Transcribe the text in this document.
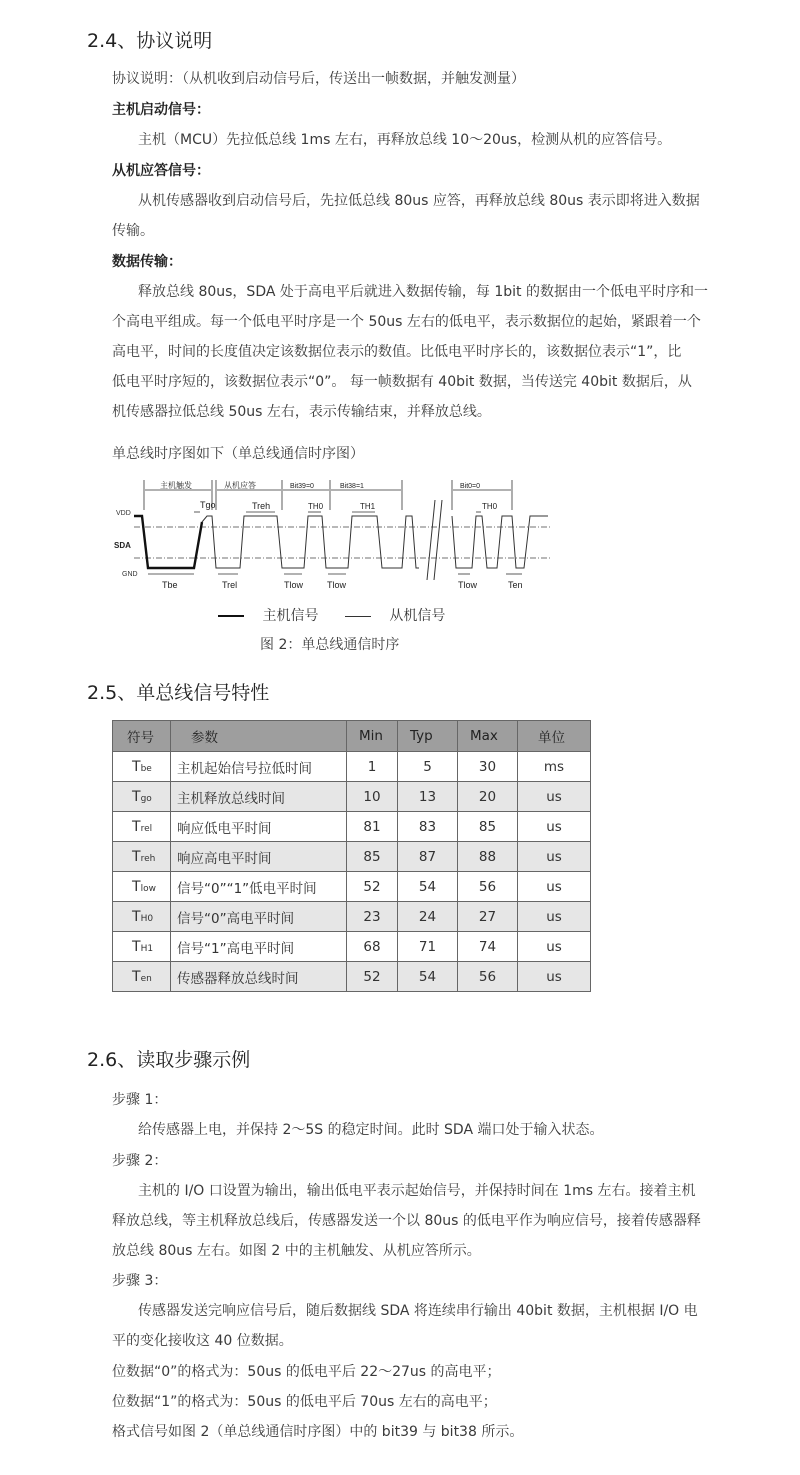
2.4、协议说明

协议说明：（从机收到启动信号后，传送出一帧数据，并触发测量）

主机启动信号：

主机（MCU）先拉低总线 1ms 左右，再释放总线 10～20us，检测从机的应答信号。

从机应答信号：

从机传感器收到启动信号后，先拉低总线 80us 应答，再释放总线 80us 表示即将进入数据
传输。

数据传输：

释放总线 80us，SDA 处于高电平后就进入数据传输，每 1bit 的数据由一个低电平时序和一
个高电平组成。每一个低电平时序是一个 50us 左右的低电平，表示数据位的起始，紧跟着一个
高电平，时间的长度值决定该数据位表示的数值。比低电平时序长的，该数据位表示“1”，比
低电平时序短的，该数据位表示“0”。 每一帧数据有 40bit 数据，当传送完 40bit 数据后，从
机传感器拉低总线 50us 左右，表示传输结束，并释放总线。

单总线时序图如下（单总线通信时序图）

主机触发	从机应答	Bit39=0	Bit38=1	Bit0=0
VDD
SDA
GND
Tgo	Treh	TH0	TH1	TH0
Tbe	Trel	Tlow	Tlow	Tlow	Ten
主机信号	从机信号
图 2：单总线通信时序
2.5、单总线信号特性
符号	参数	Min	Typ	Max	单位
Tbe	主机起始信号拉低时间	1	5	30	ms
Tgo	主机释放总线时间	10	13	20	us
Trel	响应低电平时间	81	83	85	us
Treh	响应高电平时间	85	87	88	us
Tlow	信号“0”“1”低电平时间	52	54	56	us
TH0	信号“0”高电平时间	23	24	27	us
TH1	信号“1”高电平时间	68	71	74	us
Ten	传感器释放总线时间	52	54	56	us
2.6、读取步骤示例

步骤 1：

给传感器上电，并保持 2～5S 的稳定时间。此时 SDA 端口处于输入状态。

步骤 2：

主机的 I/O 口设置为输出，输出低电平表示起始信号，并保持时间在 1ms 左右。接着主机
释放总线，等主机释放总线后，传感器发送一个以 80us 的低电平作为响应信号，接着传感器释
放总线 80us 左右。如图 2 中的主机触发、从机应答所示。

步骤 3：

传感器发送完响应信号后，随后数据线 SDA 将连续串行输出 40bit 数据，主机根据 I/O 电
平的变化接收这 40 位数据。

位数据“0”的格式为：50us 的低电平后 22～27us 的高电平；

位数据“1”的格式为：50us 的低电平后 70us 左右的高电平；

格式信号如图 2（单总线通信时序图）中的 bit39 与 bit38 所示。
